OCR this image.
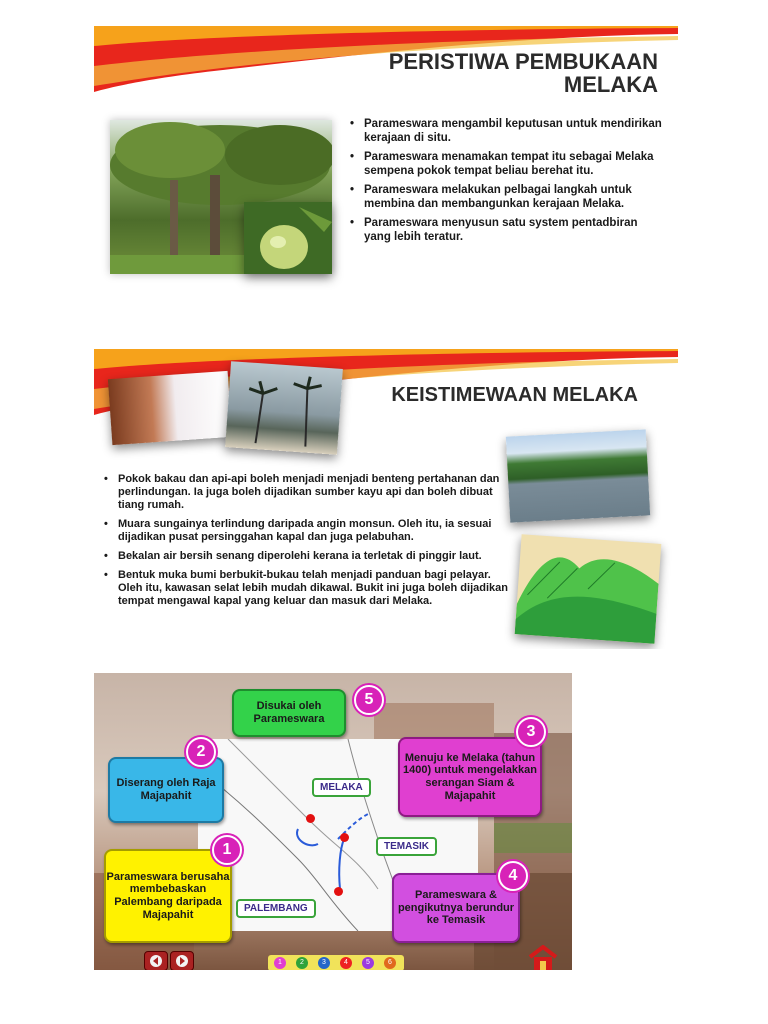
PERISTIWA PEMBUKAAN
MELAKA
• Parameswara mengambil keputusan untuk mendirikan kerajaan di situ.
• Parameswara menamakan tempat itu sebagai Melaka sempena pokok tempat beliau berehat itu.
• Parameswara melakukan pelbagai langkah untuk membina dan membangunkan kerajaan Melaka.
• Parameswara menyusun satu system pentadbiran yang lebih teratur.
KEISTIMEWAAN MELAKA
• Pokok bakau dan api-api boleh menjadi menjadi benteng pertahanan dan perlindungan. Ia juga boleh dijadikan sumber kayu api dan boleh dibuat tiang rumah.
• Muara sungainya terlindung daripada angin monsun. Oleh itu, ia sesuai dijadikan pusat persinggahan kapal dan juga pelabuhan.
• Bekalan air bersih senang diperolehi kerana ia terletak di pinggir laut.
• Bentuk muka bumi berbukit-bukau telah menjadi panduan bagi pelayar. Oleh itu, kawasan selat lebih mudah dikawal. Bukit ini juga boleh dijadikan tempat mengawal kapal yang keluar dan masuk dari Melaka.
MELAKA
TEMASIK
PALEMBANG
Disukai oleh Parameswara
5
Diserang oleh Raja Majapahit
2	Menuju ke Melaka (tahun 1400) untuk mengelakkan serangan Siam & Majapahit
3
Parameswara berusaha membebaskan Palembang daripada Majapahit
1
Parameswara & pengikutnya berundur ke Temasik
4
1	2	3	4	5	6
